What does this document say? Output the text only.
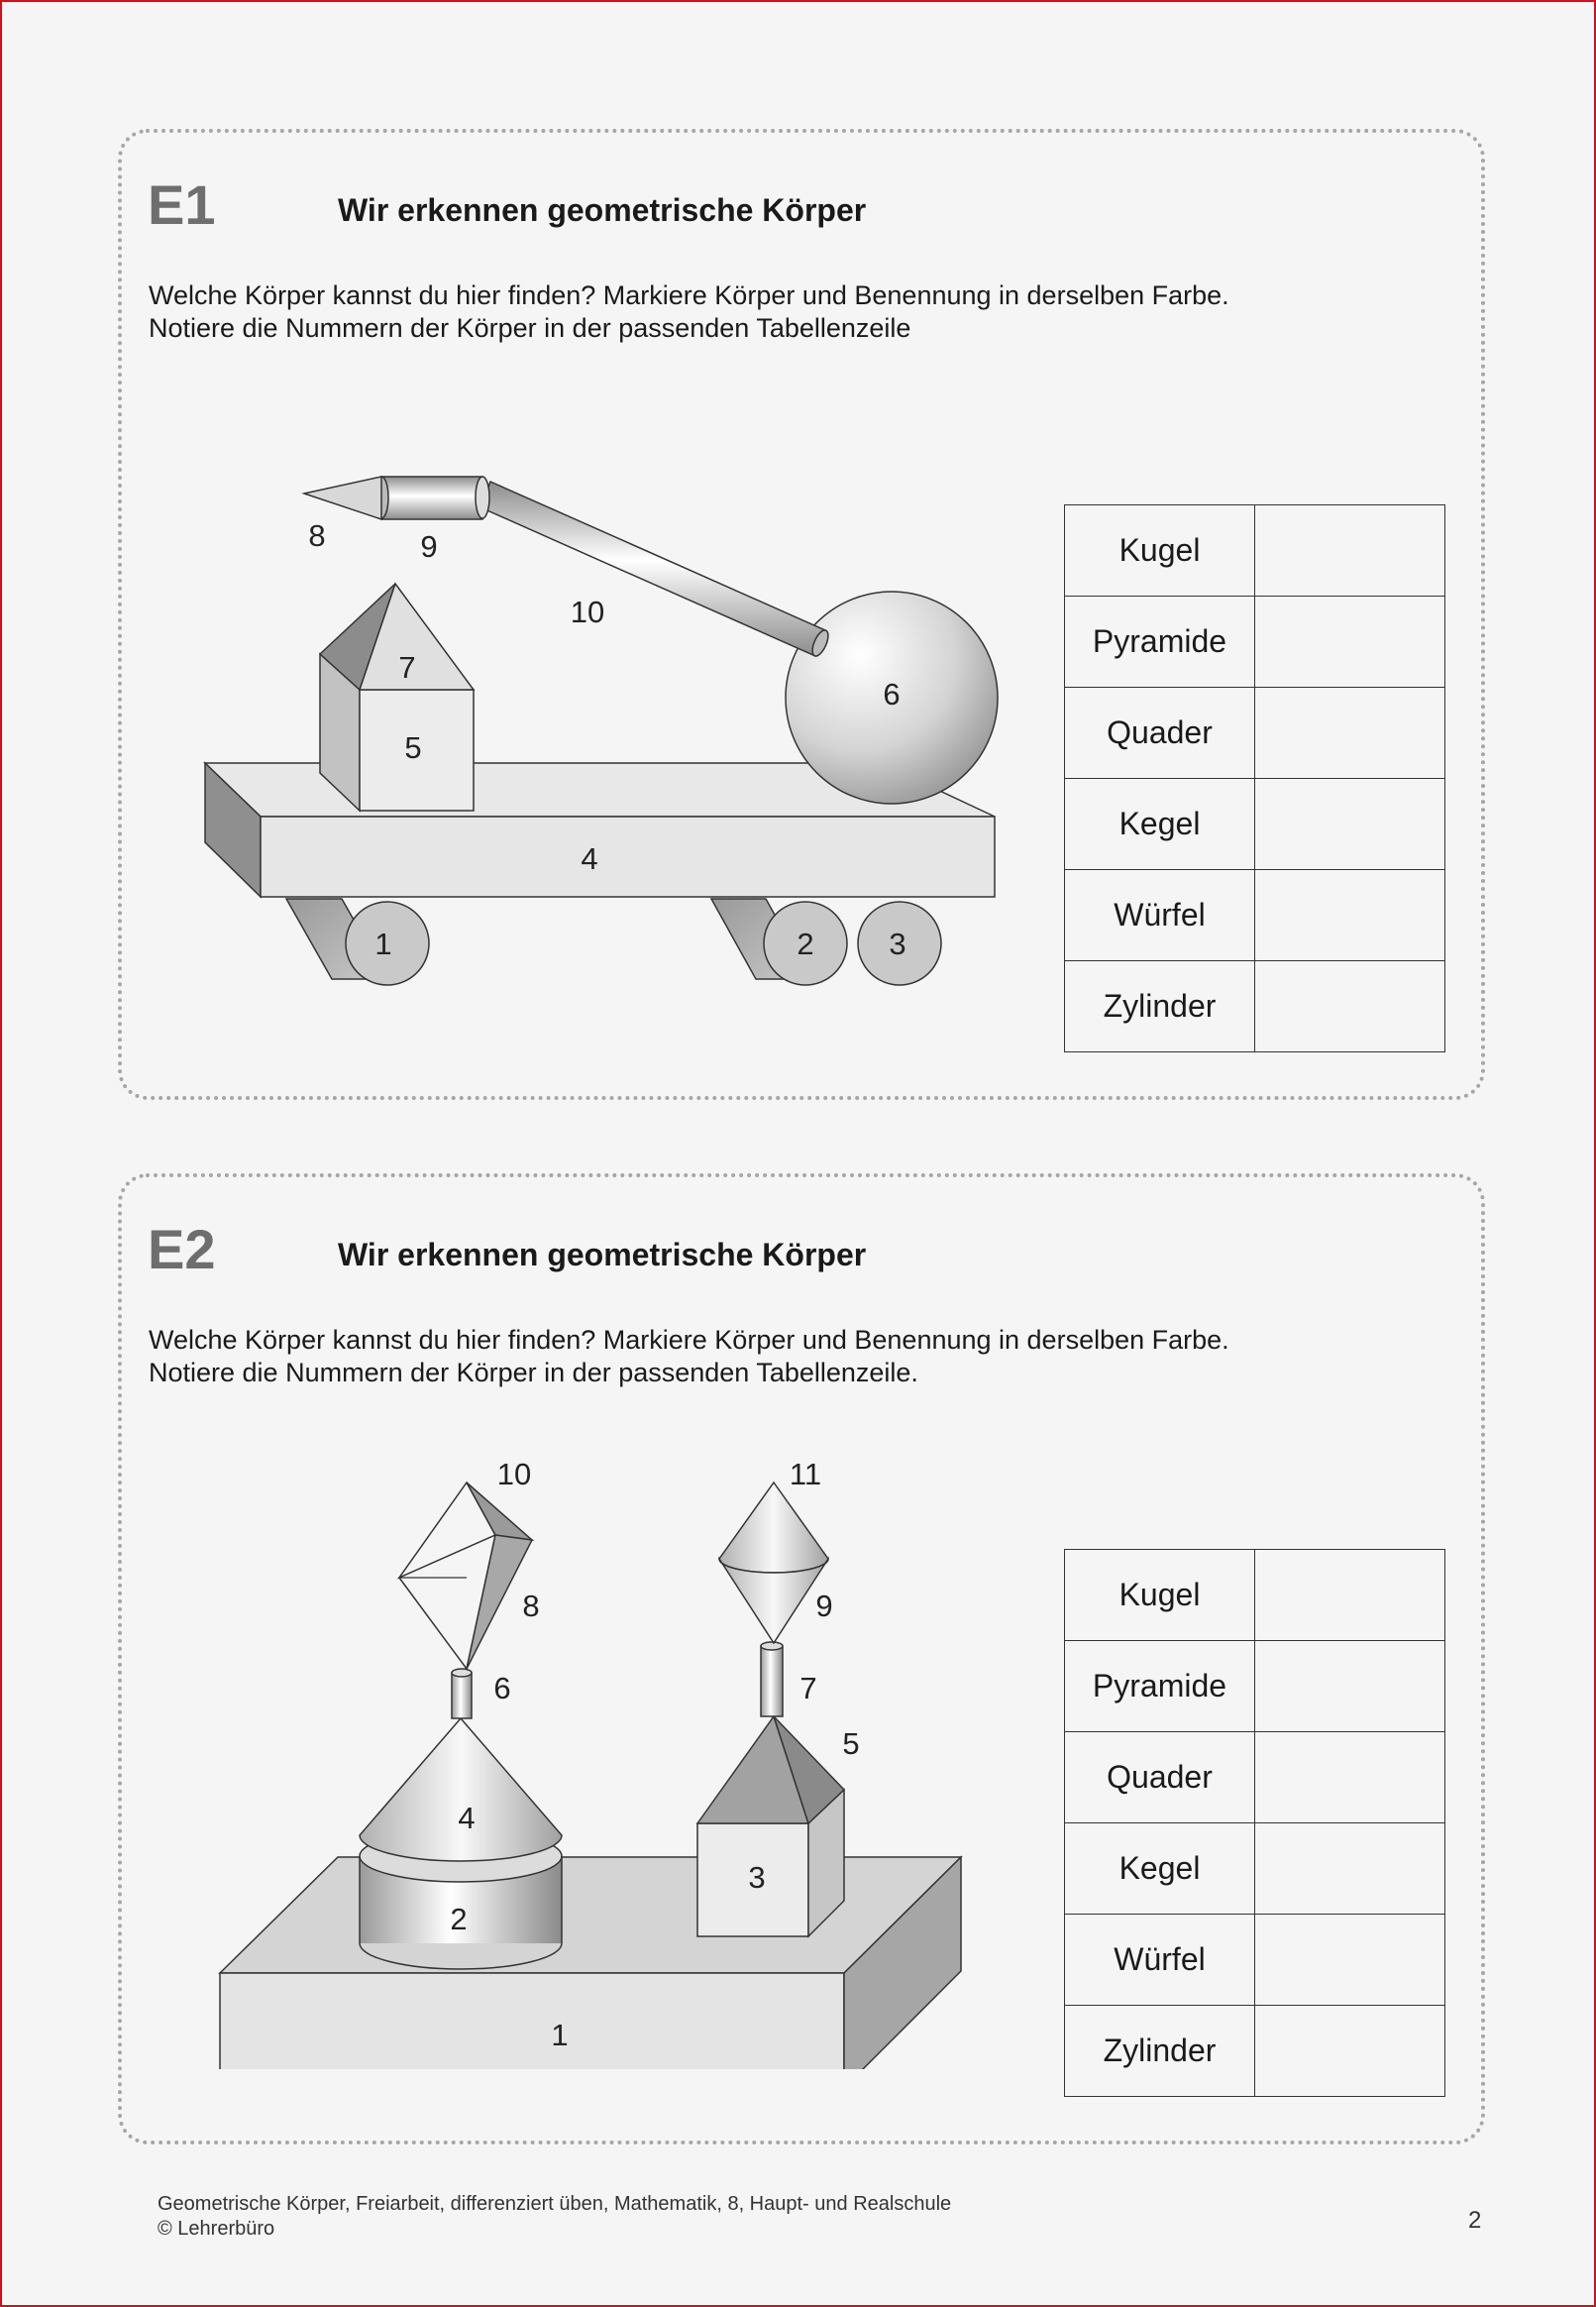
E1	Wir erkennen geometrische Körper
Welche Körper kannst du hier finden? Markiere Körper und Benennung in derselben Farbe.
Notiere die Nummern der Körper in der passenden Tabellenzeile
1	2 3
4
5
6
7
8	9
10
Kugel	
Pyramide	
Quader	
Kegel	
Würfel	
Zylinder	
E2	Wir erkennen geometrische Körper
Welche Körper kannst du hier finden? Markiere Körper und Benennung in derselben Farbe.
Notiere die Nummern der Körper in der passenden Tabellenzeile.
1
2
3
4
5
6	7
8	9
10	11
Kugel	
Pyramide	
Quader	
Kegel	
Würfel	
Zylinder	
Geometrische Körper, Freiarbeit, differenziert üben, Mathematik, 8, Haupt- und Realschule
© Lehrerbüro	2
